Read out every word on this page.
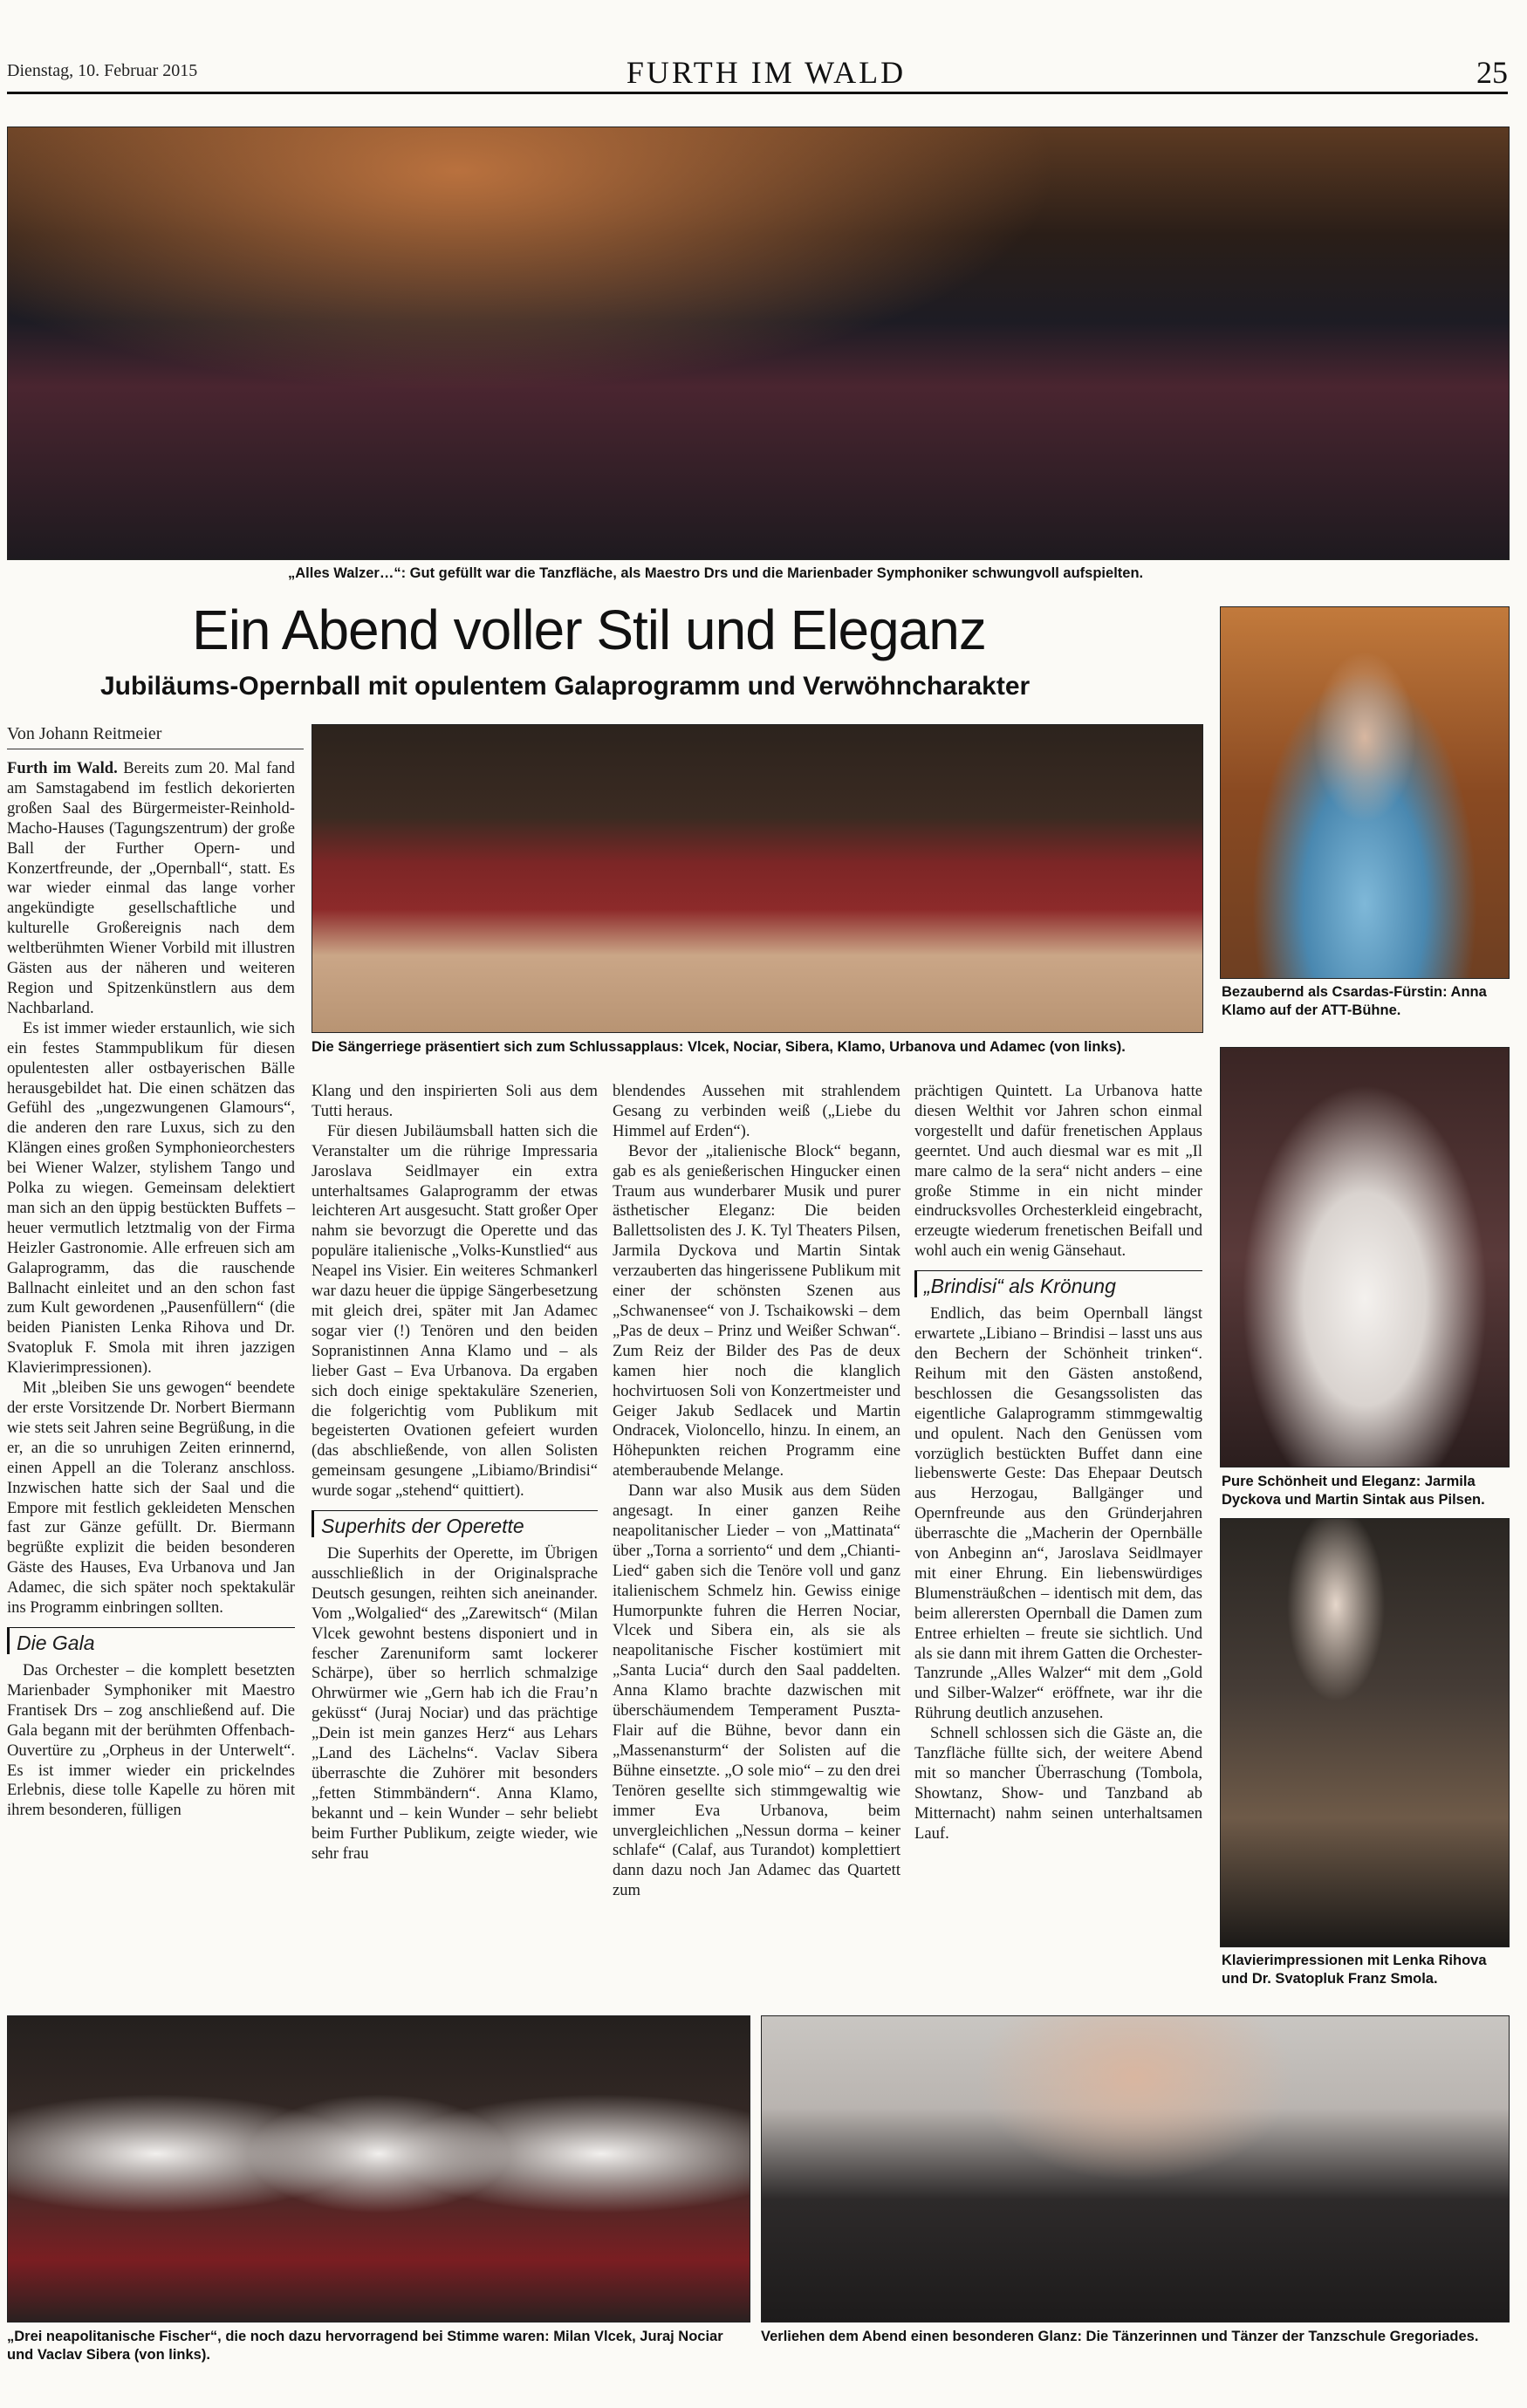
Dienstag, 10. Februar 2015	FURTH IM WALD	25
„Alles Walzer…“: Gut gefüllt war die Tanzfläche, als Maestro Drs und die Marienbader Symphoniker schwungvoll aufspielten.
Ein Abend voller Stil und Eleganz
Jubiläums-Opernball mit opulentem Galaprogramm und Verwöhncharakter
Von Johann Reitmeier
Bezaubernd als Csardas-Fürstin: Anna Klamo auf der ATT-Bühne.
Pure Schönheit und Eleganz: Jarmila Dyckova und Martin Sintak aus Pilsen.
Klavierimpressionen mit Lenka Rihova und Dr. Svatopluk Franz Smola.
Die Sängerriege präsentiert sich zum Schlussapplaus: Vlcek, Nociar, Sibera, Klamo, Urbanova und Adamec (von links).

Furth im Wald. Bereits zum 20. Mal fand am Samstagabend im festlich dekorierten großen Saal des Bürgermeister-Reinhold-Macho-Hauses (Tagungszentrum) der große Ball der Further Opern- und Konzertfreunde, der „Opernball“, statt. Es war wieder einmal das lange vorher angekündigte gesellschaftliche und kulturelle Großereignis nach dem weltberühmten Wiener Vorbild mit illustren Gästen aus der näheren und weiteren Region und Spitzenkünstlern aus dem Nachbarland.

Es ist immer wieder erstaunlich, wie sich ein festes Stammpublikum für diesen opulentesten aller ostbayerischen Bälle herausgebildet hat. Die einen schätzen das Gefühl des „ungezwungenen Glamours“, die anderen den rare Luxus, sich zu den Klängen eines großen Symphonieorchesters bei Wiener Walzer, stylishem Tango und Polka zu wiegen. Gemeinsam delektiert man sich an den üppig bestückten Buffets – heuer vermutlich letztmalig von der Firma Heizler Gastronomie. Alle erfreuen sich am Galaprogramm, das die rauschende Ballnacht einleitet und an den schon fast zum Kult gewordenen „Pausenfüllern“ (die beiden Pianisten Lenka Rihova und Dr. Svatopluk F. Smola mit ihren jazzigen Klavierimpressionen).

Mit „bleiben Sie uns gewogen“ beendete der erste Vorsitzende Dr. Norbert Biermann wie stets seit Jahren seine Begrüßung, in die er, an die so unruhigen Zeiten erinnernd, einen Appell an die Toleranz anschloss. Inzwischen hatte sich der Saal und die Empore mit festlich gekleideten Menschen fast zur Gänze gefüllt. Dr. Biermann begrüßte explizit die beiden besonderen Gäste des Hauses, Eva Urbanova und Jan Adamec, die sich später noch spektakulär ins Programm einbringen sollten.

Die Gala

Das Orchester – die komplett besetzten Marienbader Symphoniker mit Maestro Frantisek Drs – zog anschließend auf. Die Gala begann mit der berühmten Offenbach-Ouvertüre zu „Orpheus in der Unterwelt“. Es ist immer wieder ein prickelndes Erlebnis, diese tolle Kapelle zu hören mit ihrem besonderen, fülligen

Klang und den inspirierten Soli aus dem Tutti heraus.

Für diesen Jubiläumsball hatten sich die Veranstalter um die rührige Impressaria Jaroslava Seidlmayer ein extra unterhaltsames Galaprogramm der etwas leichteren Art ausgesucht. Statt großer Oper nahm sie bevorzugt die Operette und das populäre italienische „Volks-Kunstlied“ aus Neapel ins Visier. Ein weiteres Schmankerl war dazu heuer die üppige Sängerbesetzung mit gleich drei, später mit Jan Adamec sogar vier (!) Tenören und den beiden Sopranistinnen Anna Klamo und – als lieber Gast – Eva Urbanova. Da ergaben sich doch einige spektakuläre Szenerien, die folgerichtig vom Publikum mit begeisterten Ovationen gefeiert wurden (das abschließende, von allen Solisten gemeinsam gesungene „Libiamo/Brindisi“ wurde sogar „stehend“ quittiert).

Superhits der Operette

Die Superhits der Operette, im Übrigen ausschließlich in der Originalsprache Deutsch gesungen, reihten sich aneinander. Vom „Wolgalied“ des „Zarewitsch“ (Milan Vlcek gewohnt bestens disponiert und in fescher Zarenuniform samt lockerer Schärpe), über so herrlich schmalzige Ohrwürmer wie „Gern hab ich die Frau’n geküsst“ (Juraj Nociar) und das prächtige „Dein ist mein ganzes Herz“ aus Lehars „Land des Lächelns“. Vaclav Sibera überraschte die Zuhörer mit besonders „fetten Stimmbändern“. Anna Klamo, bekannt und – kein Wunder – sehr beliebt beim Further Publikum, zeigte wieder, wie sehr frau

blendendes Aussehen mit strahlendem Gesang zu verbinden weiß („Liebe du Himmel auf Erden“).

Bevor der „italienische Block“ begann, gab es als genießerischen Hingucker einen Traum aus wunderbarer Musik und purer ästhetischer Eleganz: Die beiden Ballettsolisten des J. K. Tyl Theaters Pilsen, Jarmila Dyckova und Martin Sintak verzauberten das hingerissene Publikum mit einer der schönsten Szenen aus „Schwanensee“ von J. Tschaikowski – dem „Pas de deux – Prinz und Weißer Schwan“. Zum Reiz der Bilder des Pas de deux kamen hier noch die klanglich hochvirtuosen Soli von Konzertmeister und Geiger Jakub Sedlacek und Martin Ondracek, Violoncello, hinzu. In einem, an Höhepunkten reichen Programm eine atemberaubende Melange.

Dann war also Musik aus dem Süden angesagt. In einer ganzen Reihe neapolitanischer Lieder – von „Mattinata“ über „Torna a sorriento“ und dem „Chianti-Lied“ gaben sich die Tenöre voll und ganz italienischem Schmelz hin. Gewiss einige Humorpunkte fuhren die Herren Nociar, Vlcek und Sibera ein, als sie als neapolitanische Fischer kostümiert mit „Santa Lucia“ durch den Saal paddelten. Anna Klamo brachte dazwischen mit überschäumendem Temperament Puszta-Flair auf die Bühne, bevor dann ein „Massenansturm“ der Solisten auf die Bühne einsetzte. „O sole mio“ – zu den drei Tenören gesellte sich stimmgewaltig wie immer Eva Urbanova, beim unvergleichlichen „Nessun dorma – keiner schlafe“ (Calaf, aus Turandot) komplettiert dann dazu noch Jan Adamec das Quartett zum

prächtigen Quintett. La Urbanova hatte diesen Welthit vor Jahren schon einmal vorgestellt und dafür frenetischen Applaus geerntet. Und auch diesmal war es mit „Il mare calmo de la sera“ nicht anders – eine große Stimme in ein nicht minder eindrucksvolles Orchesterkleid eingebracht, erzeugte wiederum frenetischen Beifall und wohl auch ein wenig Gänsehaut.

„Brindisi“ als Krönung

Endlich, das beim Opernball längst erwartete „Libiano – Brindisi – lasst uns aus den Bechern der Schönheit trinken“. Reihum mit den Gästen anstoßend, beschlossen die Gesangssolisten das eigentliche Galaprogramm stimmgewaltig und opulent. Nach den Genüssen vom vorzüglich bestückten Buffet dann eine liebenswerte Geste: Das Ehepaar Deutsch aus Herzogau, Ballgänger und Opernfreunde aus den Gründerjahren überraschte die „Macherin der Opernbälle von Anbeginn an“, Jaroslava Seidlmayer mit einer Ehrung. Ein liebenswürdiges Blumensträußchen – identisch mit dem, das beim allerersten Opernball die Damen zum Entree erhielten – freute sie sichtlich. Und als sie dann mit ihrem Gatten die Orchester-Tanzrunde „Alles Walzer“ mit dem „Gold und Silber-Walzer“ eröffnete, war ihr die Rührung deutlich anzusehen.

Schnell schlossen sich die Gäste an, die Tanzfläche füllte sich, der weitere Abend mit so mancher Überraschung (Tombola, Showtanz, Show- und Tanzband ab Mitternacht) nahm seinen unterhaltsamen Lauf.

„Drei neapolitanische Fischer“, die noch dazu hervorragend bei Stimme waren: Milan Vlcek, Juraj Nociar und Vaclav Sibera (von links).
Verliehen dem Abend einen besonderen Glanz: Die Tänzerinnen und Tänzer der Tanzschule Gregoriades.
